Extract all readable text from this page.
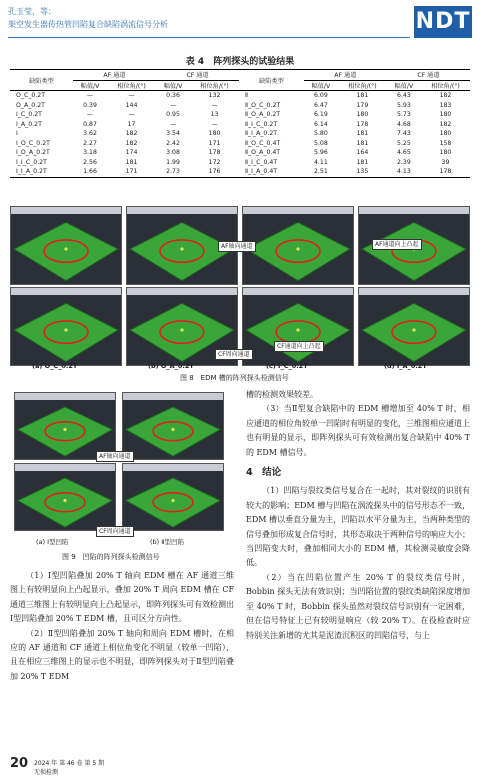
孔玉莹，等：
架空发生器传热管凹陷复合缺陷涡流信号分析	NDT
表 4　阵列探头的试验结果
缺陷类型	AF 通道		CF 通道		缺陷类型	AF 通道		CF 通道	
	幅值/V	相位角/(°)	幅值/V	相位角/(°)		幅值/V	相位角/(°)	幅值/V	相位角/(°)
O_C_0.2T	—	—	0.36	132	Ⅱ	6.09	181	6.43	182
O_A_0.2T	0.39	144	—	—	Ⅱ_O_C_0.2T	6.47	179	5.93	183
I_C_0.2T	—	—	0.95	13	Ⅱ_O_A_0.2T	6.19	180	5.73	180
I_A_0.2T	0.87	17	—	—	Ⅱ_I_C_0.2T	6.14	178	4.68	182
Ⅰ	3.62	182	3.54	180	Ⅱ_I_A_0.2T	5.80	181	7.43	180
Ⅰ_O_C_0.2T	2.27	182	2.42	171	Ⅱ_O_C_0.4T	5.08	181	5.25	158
Ⅰ_O_A_0.2T	3.18	174	3.08	178	Ⅱ_O_A_0.4T	5.96	164	4.65	180
Ⅰ_I_C_0.2T	2.56	181	1.99	172	Ⅱ_I_C_0.4T	4.11	181	2.39	39
Ⅰ_I_A_0.2T	1.66	171	2.73	176	Ⅱ_I_A_0.4T	2.51	135	4.13	178
AF轴向通道	AF通道向上凸起
CF周向通道
CF通道向上凸起
(a) O_C_0.2T	(b) O_A_0.2T	(c) I_C_0.2T	(d) I_A_0.2T
图 8　EDM 槽的阵列探头检测信号
AF轴向通道
CF周向通道
(a) Ⅰ型凹陷	(b) Ⅱ型凹陷
图 9　凹陷的阵列探头检测信号

（1）Ⅰ型凹陷叠加 20% T 轴向 EDM 槽在 AF 通道三维图上有较明显向上凸起显示，叠加 20% T 周向 EDM 槽在 CF 通道三维图上有较明显向上凸起显示，即阵列探头可有效检测出Ⅰ型凹陷叠加 20% T EDM 槽，且可区分方向性。

（2）Ⅱ型凹陷叠加 20% T 轴向和周向 EDM 槽时，在相应的 AF 通道和 CF 通道上相位角变化不明显（较单一凹陷），且在相应三维图上的显示也不明显，即阵列探头对于Ⅱ型凹陷叠加 20% T EDM

槽的检测效果较差。

（3）当Ⅱ型复合缺陷中的 EDM 槽增加至 40% T 时，相应通道的相位角较单一凹陷时有明显的变化，三维图相应通道上也有明显的显示，即阵列探头可有效检测出复合缺陷中 40% T 的 EDM 槽信号。

4　结论

（1）凹陷与裂纹类信号复合在一起时，其对裂纹的识别有较大的影响；EDM 槽与凹陷在涡流探头中的信号形态不一致，EDM 槽以垂直分量为主，凹陷以水平分量为主，当两种类型的信号叠加形成复合信号时，其形态取决于两种信号的响应大小；当凹陷变大时，叠加相同大小的 EDM 槽，其检测灵敏度会降低。

（2）当在凹陷位置产生 20% T 的裂纹类信号时，Bobbin 探头无法有效识别；当凹陷位置的裂纹类缺陷深度增加至 40% T 时，Bobbin 探头虽然对裂纹信号识别有一定困难，但在信号特征上已有较明显响应（较 20% T）。在役检查时应特别关注新增的尤其是泥渣沉积区的凹陷信号，与上

20 2024 年 第 46 卷 第 5 期
无损检测
